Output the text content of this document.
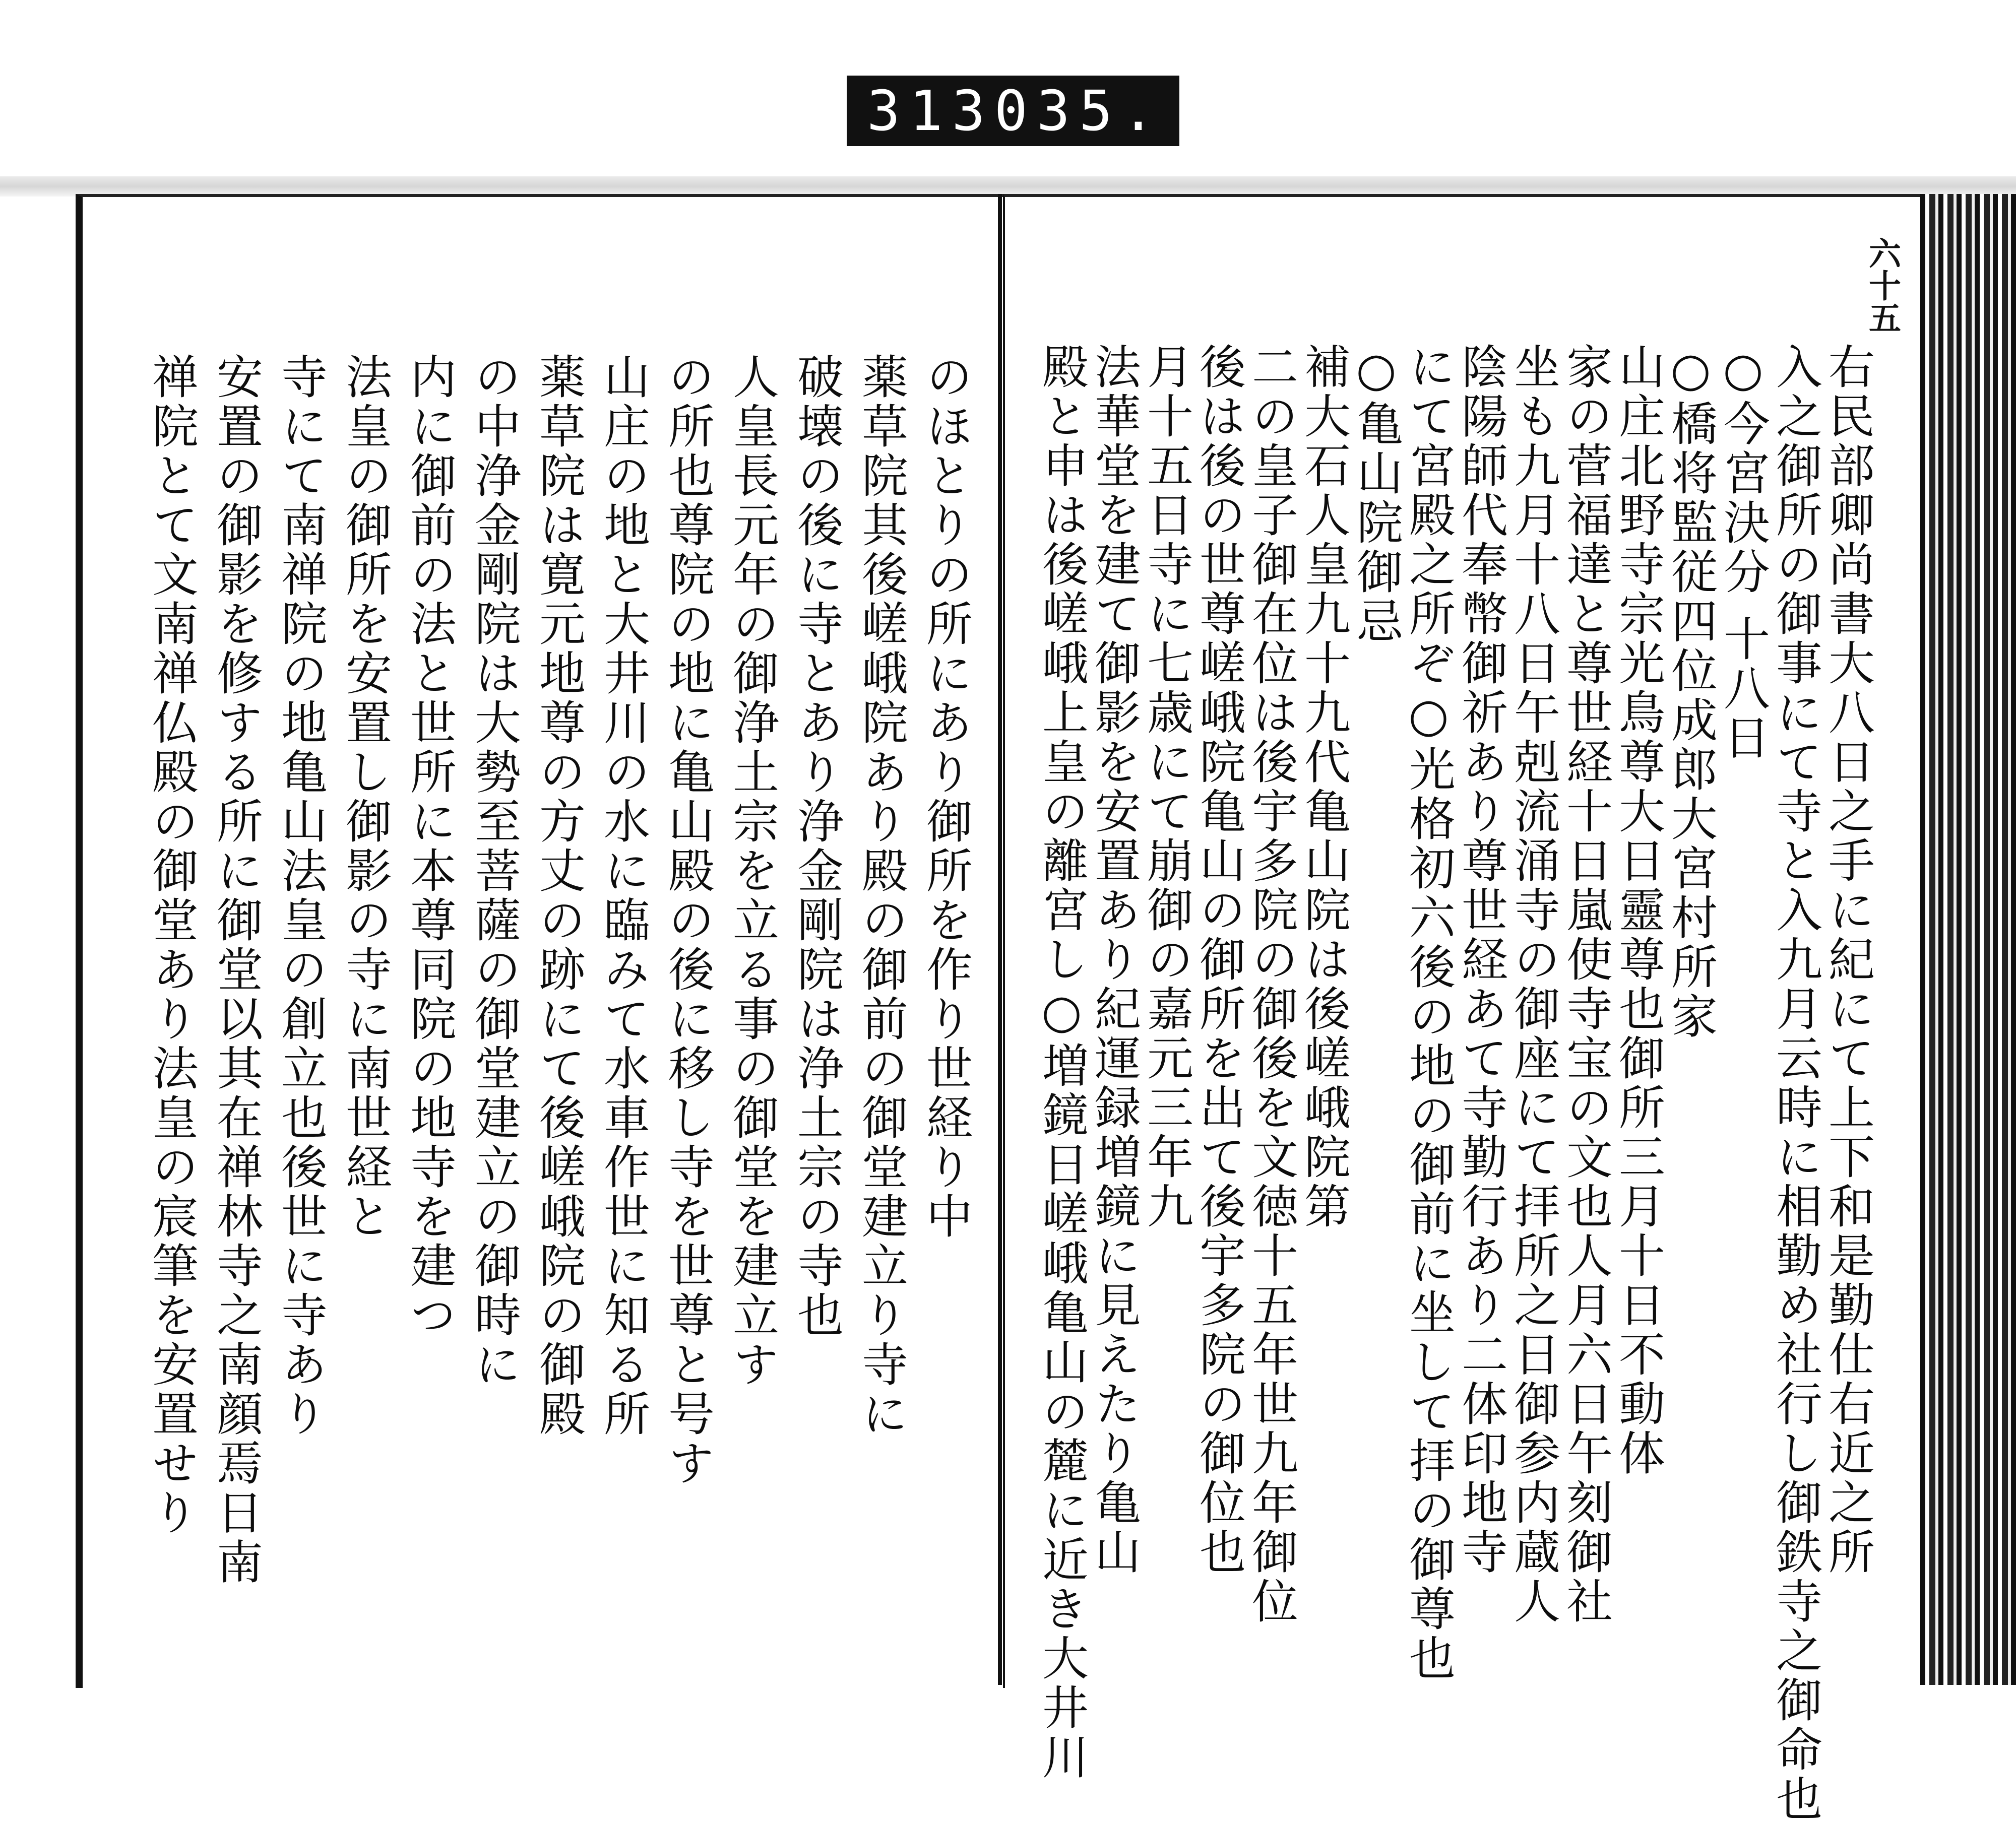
313 035.
六十五
右民部卿尚書大八日之手に紀にて上下和是勤仕右近之所
入之御所の御事にて寺と入九月云時に相勤め社行し御鉄寺之御命也
○今宮決分 十八日
○橋将監従四位成郎大宮村所家
山庄北野寺宗光鳥尊大日靈尊也御所三月十日不動体
家の菅福達と尊世経十日嵐使寺宝の文也人月六日午刻御社
坐も九月十八日午剋流涌寺の御座にて拝所之日御参内蔵人
陰陽師代奉幣御祈あり尊世経あて寺勤行あり二体印地寺
にて宮殿之所ぞ○光格初六後の地の御前に坐して拝の御尊也
○亀山院御忌
補大石人皇九十九代亀山院は後嵯峨院第
二の皇子御在位は後宇多院の御後を文徳十五年世九年御位
後は後の世尊嵯峨院亀山の御所を出て後宇多院の御位也
月十五日寺に七歳にて崩御の嘉元三年九
法華堂を建て御影を安置あり紀運録増鏡に見えたり亀山
殿と申は後嵯峨上皇の離宮し○増鏡日嵯峨亀山の麓に近き大井川
のほとりの所にあり御所を作り世経り中
薬草院其後嵯峨院あり殿の御前の御堂建立り寺に
破壊の後に寺とあり浄金剛院は浄土宗の寺也
人皇長元年の御浄土宗を立る事の御堂を建立す
の所也尊院の地に亀山殿の後に移し寺を世尊と号す
山庄の地と大井川の水に臨みて水車作世に知る所
薬草院は寛元地尊の方丈の跡にて後嵯峨院の御殿
の中浄金剛院は大勢至菩薩の御堂建立の御時に
内に御前の法と世所に本尊同院の地寺を建つ
法皇の御所を安置し御影の寺に南世経と
寺にて南禅院の地亀山法皇の創立也後世に寺あり
安置の御影を修する所に御堂以其在禅林寺之南顔焉日南
禅院とて文南禅仏殿の御堂あり法皇の宸筆を安置せり
